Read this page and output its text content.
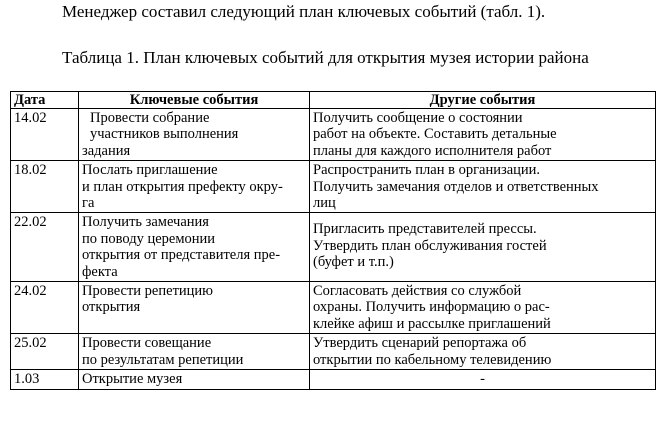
Менеджер составил следующий план ключевых событий (табл. 1).

Таблица 1. План ключевых событий для открытия музея истории района

Дата	Ключевые события	Другие события

14.02	Провести собрание
участников выполнения
задания	Получить сообщение о состоянии
работ на объекте. Составить детальные
планы для каждого исполнителя работ

18.02	Послать приглашение
и план открытия префекту окру-
га	Распространить план в организации.
Получить замечания отделов и ответственных
лиц

22.02	Получить замечания
по поводу церемонии
открытия от представителя пре-
фекта	Пригласить представителей прессы.
Утвердить план обслуживания гостей
(буфет и т.п.)

24.02	Провести репетицию
открытия	Согласовать действия со службой
охраны. Получить информацию о рас-
клейке афиш и рассылке приглашений

25.02	Провести совещание
по результатам репетиции	Утвердить сценарий репортажа об
открытии по кабельному телевидению

1.03	Открытие музея	-
